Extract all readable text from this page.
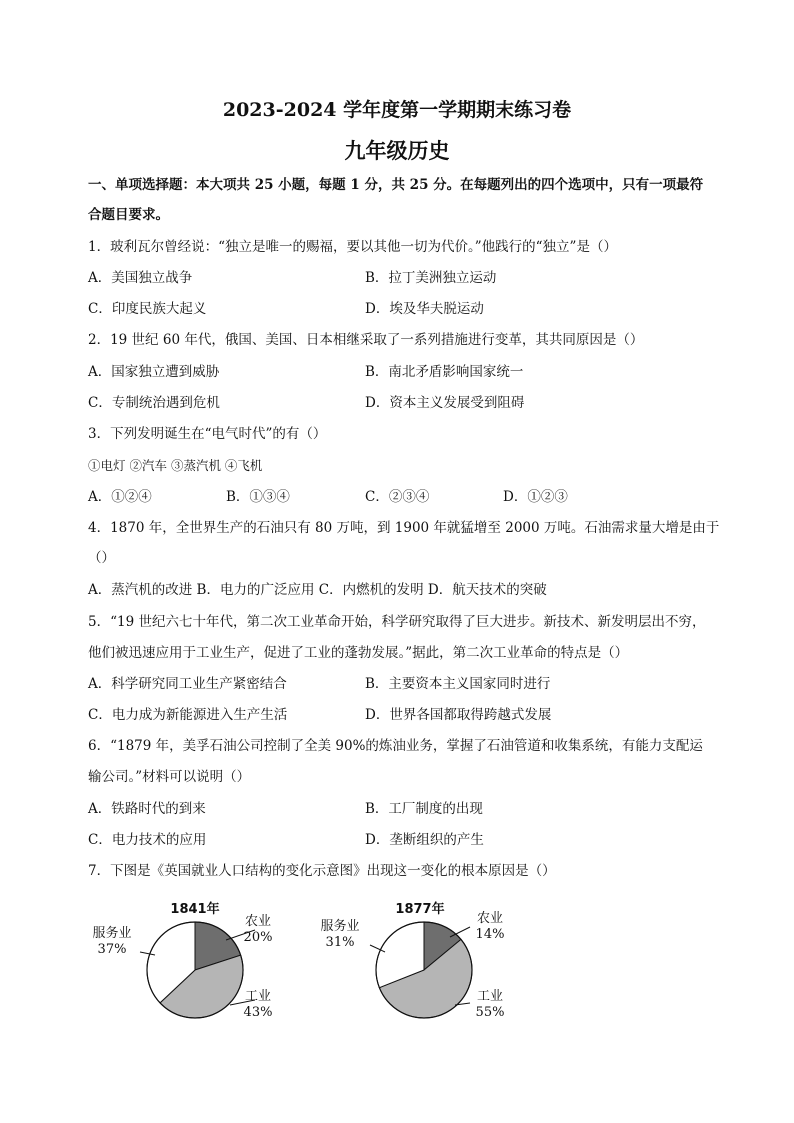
2023-2024 学年度第一学期期末练习卷
九年级历史
一、单项选择题：本大项共 25 小题，每题 1 分，共 25 分。在每题列出的四个选项中，只有一项最符
合题目要求。
1．玻利瓦尔曾经说：“独立是唯一的赐福，要以其他一切为代价。”他践行的“独立”是（）
A．美国独立战争	B．拉丁美洲独立运动
C．印度民族大起义	D．埃及华夫脱运动
2．19 世纪 60 年代，俄国、美国、日本相继采取了一系列措施进行变革，其共同原因是（）
A．国家独立遭到威胁	B．南北矛盾影响国家统一
C．专制统治遇到危机	D．资本主义发展受到阻碍
3．下列发明诞生在“电气时代”的有（）
①电灯 ②汽车 ③蒸汽机 ④飞机
A．①②④	B．①③④	C．②③④	D．①②③
4．1870 年，全世界生产的石油只有 80 万吨，到 1900 年就猛增至 2000 万吨。石油需求量大增是由于
（）
A．蒸汽机的改进 B．电力的广泛应用 C．内燃机的发明 D．航天技术的突破
5．“19 世纪六七十年代，第二次工业革命开始，科学研究取得了巨大进步。新技术、新发明层出不穷，
他们被迅速应用于工业生产，促进了工业的蓬勃发展。”据此，第二次工业革命的特点是（）
A．科学研究同工业生产紧密结合	B．主要资本主义国家同时进行
C．电力成为新能源进入生产生活	D．世界各国都取得跨越式发展
6．“1879 年，美孚石油公司控制了全美 90%的炼油业务，掌握了石油管道和收集系统，有能力支配运
输公司。”材料可以说明（）
A．铁路时代的到来	B．工厂制度的出现
C．电力技术的应用	D．垄断组织的产生
7．下图是《英国就业人口结构的变化示意图》出现这一变化的根本原因是（）
1841年
农业
20%
工业
43%
服务业
37%
1877年
农业
14%
工业
55%
服务业
31%
